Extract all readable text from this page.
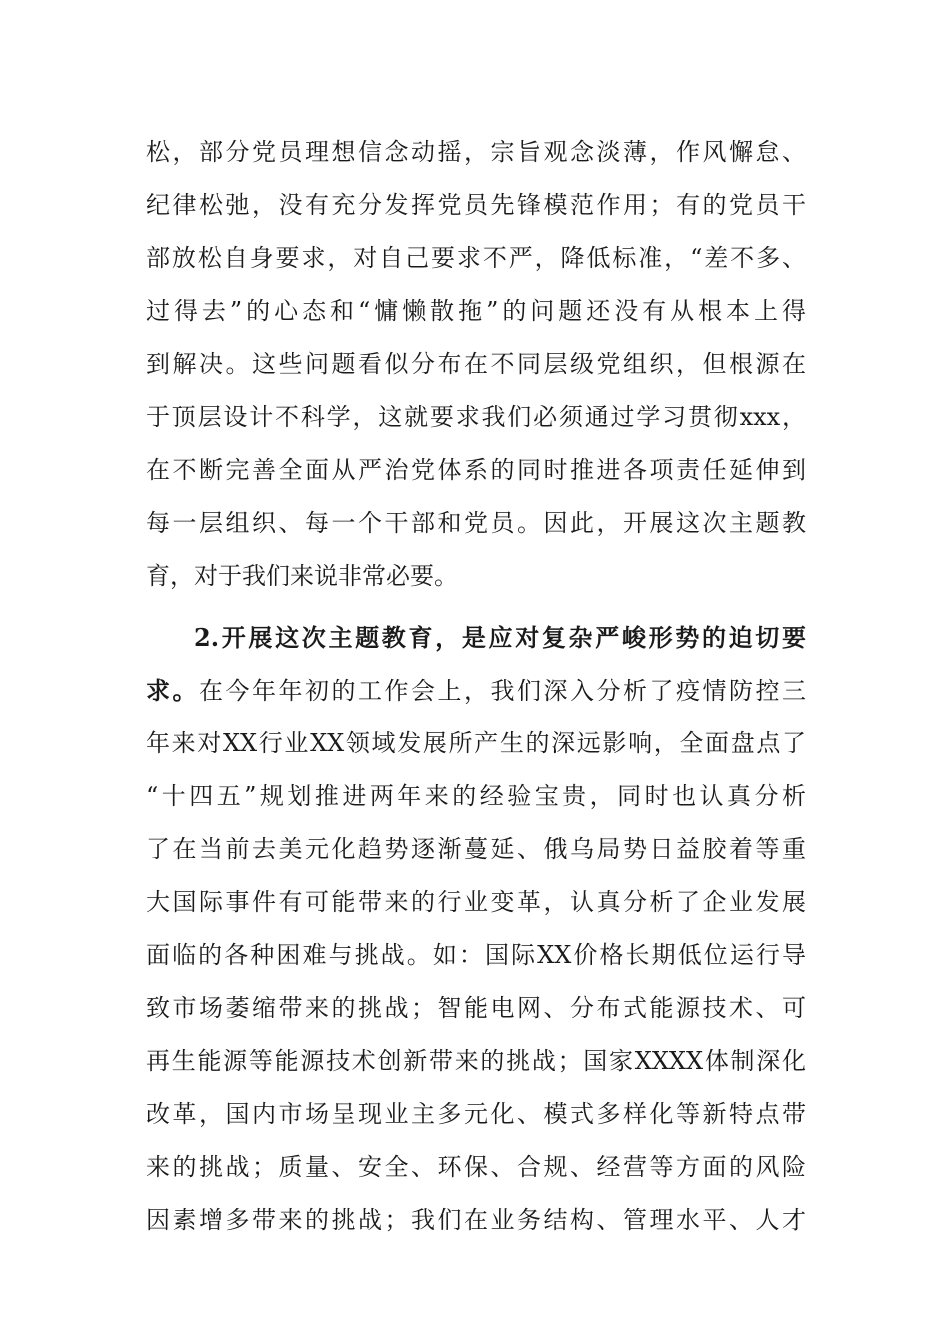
松，部分党员理想信念动摇，宗旨观念淡薄，作风懈怠、
纪律松弛，没有充分发挥党员先锋模范作用；有的党员干
部放松自身要求，对自己要求不严，降低标准，“差不多、
过得去”的心态和“慵懒散拖”的问题还没有从根本上得
到解决。这些问题看似分布在不同层级党组织，但根源在
于顶层设计不科学，这就要求我们必须通过学习贯彻xxx，
在不断完善全面从严治党体系的同时推进各项责任延伸到
每一层组织、每一个干部和党员。因此，开展这次主题教
育，对于我们来说非常必要。
2.开展这次主题教育，是应对复杂严峻形势的迫切要
求。在今年年初的工作会上，我们深入分析了疫情防控三
年来对XX行业XX领域发展所产生的深远影响，全面盘点了
“十四五”规划推进两年来的经验宝贵，同时也认真分析
了在当前去美元化趋势逐渐蔓延、俄乌局势日益胶着等重
大国际事件有可能带来的行业变革，认真分析了企业发展
面临的各种困难与挑战。如：国际XX价格长期低位运行导
致市场萎缩带来的挑战；智能电网、分布式能源技术、可
再生能源等能源技术创新带来的挑战；国家XXXX体制深化
改革，国内市场呈现业主多元化、模式多样化等新特点带
来的挑战；质量、安全、环保、合规、经营等方面的风险
因素增多带来的挑战；我们在业务结构、管理水平、人才
